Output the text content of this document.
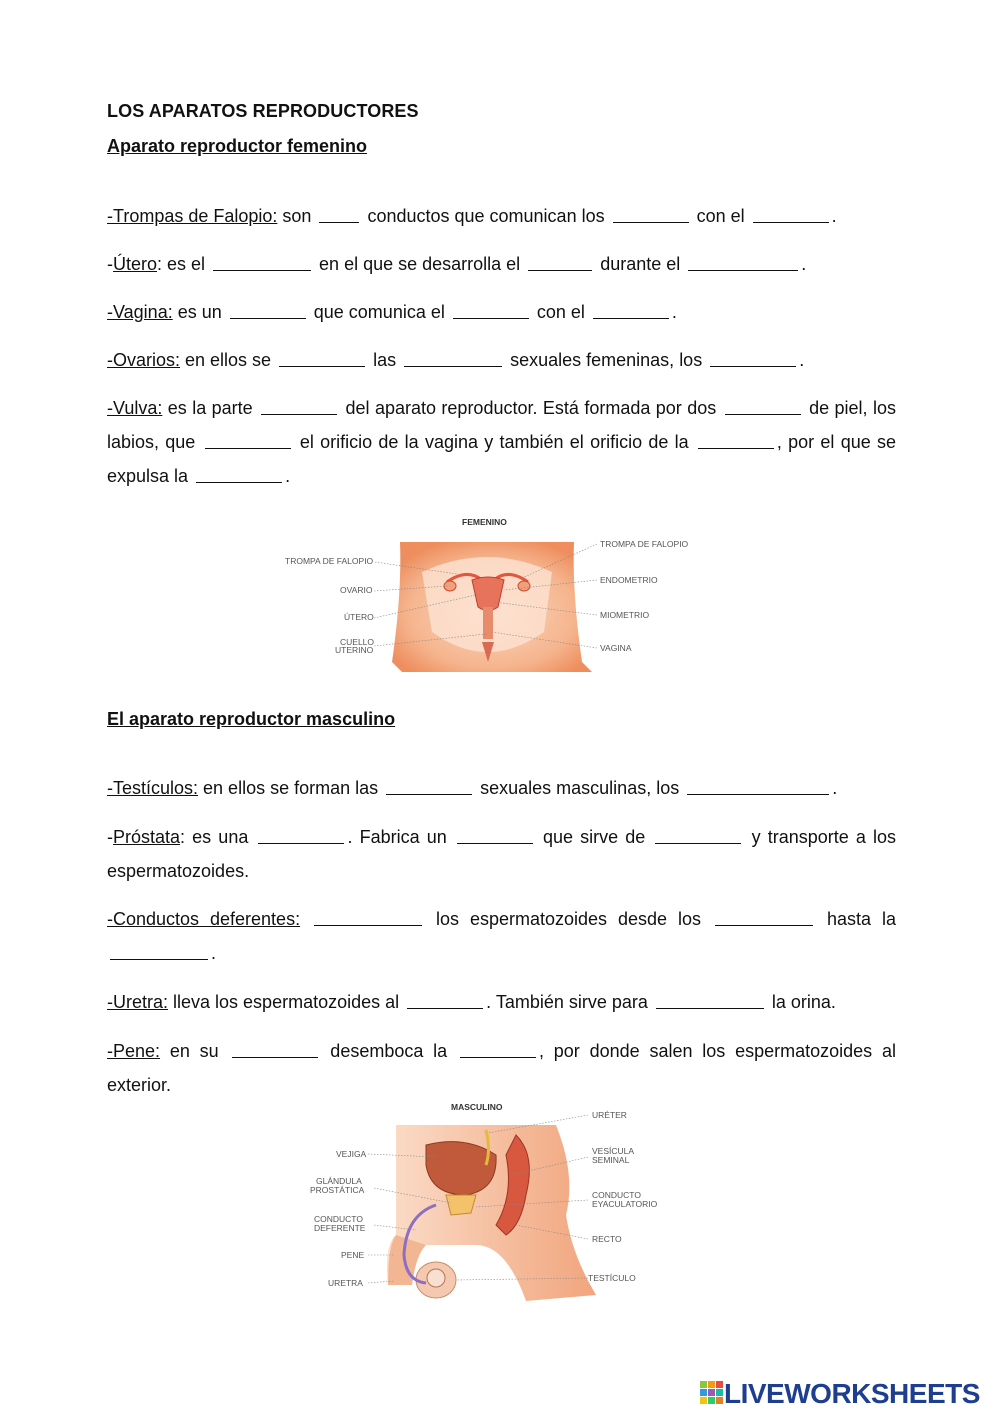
LOS APARATOS REPRODUCTORES
Aparato reproductor femenino
-Trompas de Falopio: son	conductos que comunican los	con el	.
-Útero: es el	en el que se desarrolla el	durante el	.
-Vagina: es un	que comunica el	con el	.
-Ovarios: en ellos se	las	sexuales femeninas, los	.
-Vulva: es la parte	del aparato reproductor. Está formada por dos	de piel, los labios, que	el orificio de la vagina y también el orificio de la	, por el que se expulsa la	.
FEMENINO
TROMPA DE FALOPIO
OVARIO
ÚTERO
CUELLO
UTERINO
TROMPA DE FALOPIO
ENDOMETRIO
MIOMETRIO
VAGINA
El aparato reproductor masculino
-Testículos: en ellos se forman las	sexuales masculinas, los	.
-Próstata: es una	. Fabrica un	que sirve de	y transporte a los espermatozoides.
-Conductos deferentes:	los espermatozoides desde los	hasta la .
-Uretra: lleva los espermatozoides al	. También sirve para	la orina.
-Pene: en su	desemboca la	, por donde salen los espermatozoides al exterior.
MASCULINO
VEJIGA
GLÁNDULA
PROSTÁTICA
CONDUCTO
DEFERENTE
PENE
URETRA
URÉTER
VESÍCULA
SEMINAL
CONDUCTO
EYACULATORIO
RECTO
TESTÍCULO
LIVEWORKSHEETS
